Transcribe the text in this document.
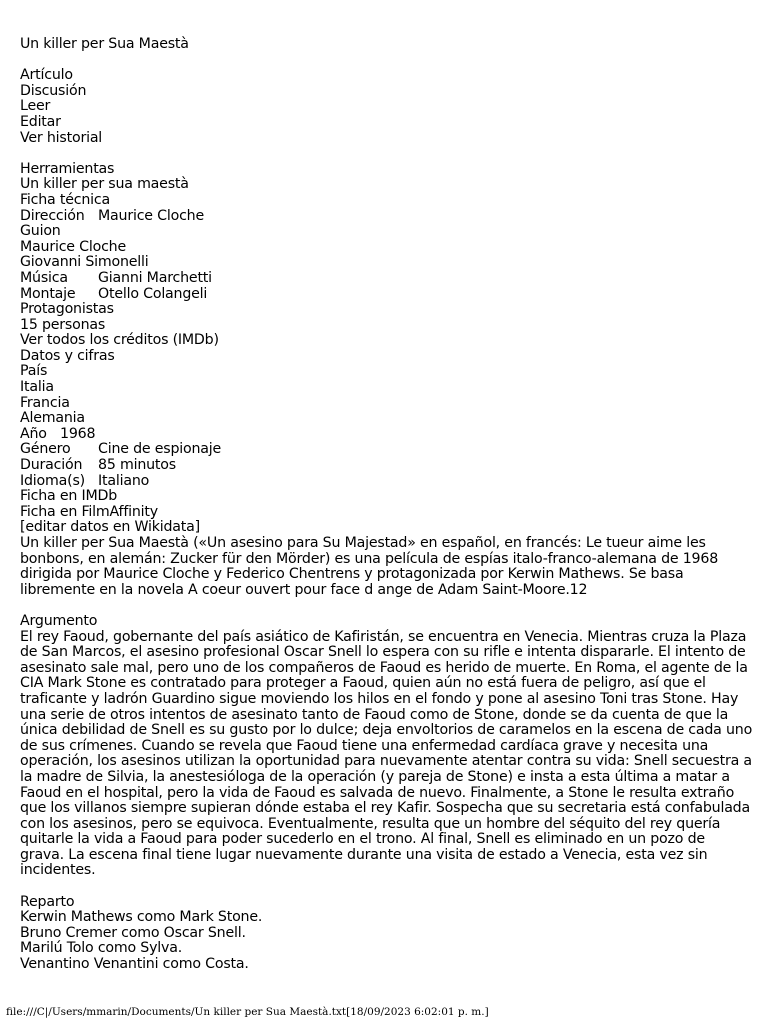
Un killer per Sua Maestà
Artículo
Discusión
Leer
Editar
Ver historial
Herramientas
Un killer per sua maestà
Ficha técnica
Dirección Maurice Cloche
Guion
Maurice Cloche
Giovanni Simonelli
Música Gianni Marchetti
Montaje Otello Colangeli
Protagonistas
15 personas
Ver todos los créditos (IMDb)
Datos y cifras
País
Italia
Francia
Alemania
Año 1968
Género Cine de espionaje
Duración 85 minutos
Idioma(s) Italiano
Ficha en IMDb
Ficha en FilmAffinity
[editar datos en Wikidata]
Un killer per Sua Maestà («Un asesino para Su Majestad» en español, en francés: Le tueur aime les
bonbons, en alemán: Zucker für den Mörder) es una película de espías italo-franco-alemana de 1968
dirigida por Maurice Cloche y Federico Chentrens y protagonizada por Kerwin Mathews. Se basa
libremente en la novela A coeur ouvert pour face d ange de Adam Saint-Moore.12
Argumento
El rey Faoud, gobernante del país asiático de Kafiristán, se encuentra en Venecia. Mientras cruza la Plaza
de San Marcos, el asesino profesional Oscar Snell lo espera con su rifle e intenta dispararle. El intento de
asesinato sale mal, pero uno de los compañeros de Faoud es herido de muerte. En Roma, el agente de la
CIA Mark Stone es contratado para proteger a Faoud, quien aún no está fuera de peligro, así que el
traficante y ladrón Guardino sigue moviendo los hilos en el fondo y pone al asesino Toni tras Stone. Hay
una serie de otros intentos de asesinato tanto de Faoud como de Stone, donde se da cuenta de que la
única debilidad de Snell es su gusto por lo dulce; deja envoltorios de caramelos en la escena de cada uno
de sus crímenes. Cuando se revela que Faoud tiene una enfermedad cardíaca grave y necesita una
operación, los asesinos utilizan la oportunidad para nuevamente atentar contra su vida: Snell secuestra a
la madre de Silvia, la anestesióloga de la operación (y pareja de Stone) e insta a esta última a matar a
Faoud en el hospital, pero la vida de Faoud es salvada de nuevo. Finalmente, a Stone le resulta extraño
que los villanos siempre supieran dónde estaba el rey Kafir. Sospecha que su secretaria está confabulada
con los asesinos, pero se equivoca. Eventualmente, resulta que un hombre del séquito del rey quería
quitarle la vida a Faoud para poder sucederlo en el trono. Al final, Snell es eliminado en un pozo de
grava. La escena final tiene lugar nuevamente durante una visita de estado a Venecia, esta vez sin
incidentes.
Reparto
Kerwin Mathews como Mark Stone.
Bruno Cremer como Oscar Snell.
Marilú Tolo como Sylva.
Venantino Venantini como Costa.
file:///C|/Users/mmarin/Documents/Un killer per Sua Maestà.txt[18/09/2023 6:02:01 p. m.]
